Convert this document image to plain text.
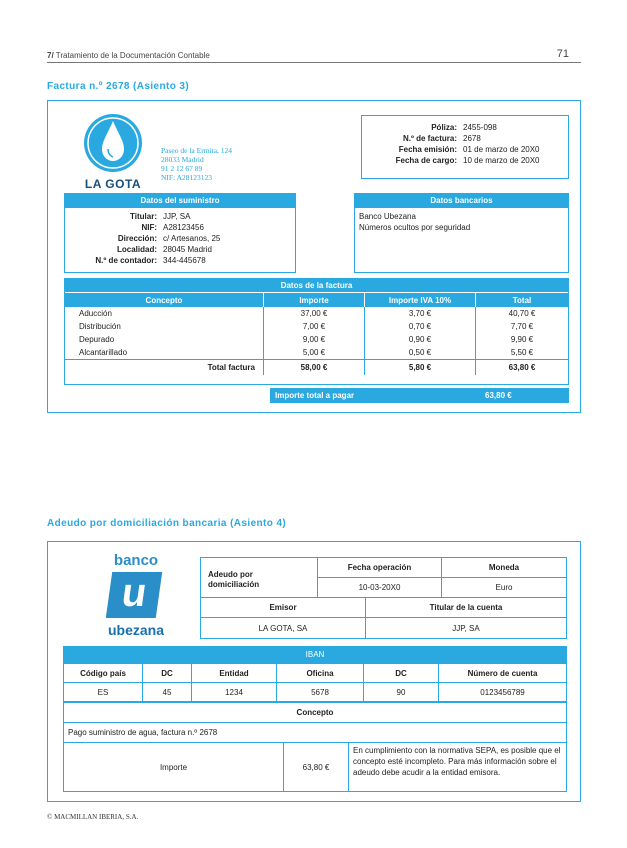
7/ Tratamiento de la Documentación Contable	71
Factura n.º 2678 (Asiento 3)
LA GOTA
Paseo de la Ermita, 124
28033 Madrid
91 2 12 67 89
NIF: A28123123
Póliza: 2455-098
N.º de factura: 2678
Fecha emisión: 01 de marzo de 20X0
Fecha de cargo: 10 de marzo de 20X0
Datos del suministro
Titular: JJP, SA
NIF: A28123456
Dirección: c/ Artesanos, 25
Localidad: 28045 Madrid
N.º de contador: 344-445678
Datos bancarios
Banco Ubezana
Números ocultos por seguridad
Datos de la factura
Concepto	Importe	Importe IVA 10%	Total
Aducción	37,00 €	3,70 €	40,70 €
Distribución	7,00 €	0,70 €	7,70 €
Depurado	9,00 €	0,90 €	9,90 €
Alcantarillado	5,00 €	0,50 €	5,50 €
Total factura	58,00 €	5,80 €	63,80 €
Importe total a pagar	63,80 €
Adeudo por domiciliación bancaria (Asiento 4)
banco
u
ubezana
Adeudo por domiciliación
Fecha operación	Moneda
10-03-20X0	Euro
Emisor	Titular de la cuenta
LA GOTA, SA	JJP, SA
IBAN
Código país	DC	Entidad	Oficina	DC	Número de cuenta
ES	45	1234	5678	90	0123456789
Concepto
Pago suministro de agua, factura n.º 2678
Importe	63,80 €
En cumplimiento con la normativa SEPA, es posible que el concepto esté incompleto. Para más información sobre el adeudo debe acudir a la entidad emisora.
© MACMILLAN IBERIA, S.A.
